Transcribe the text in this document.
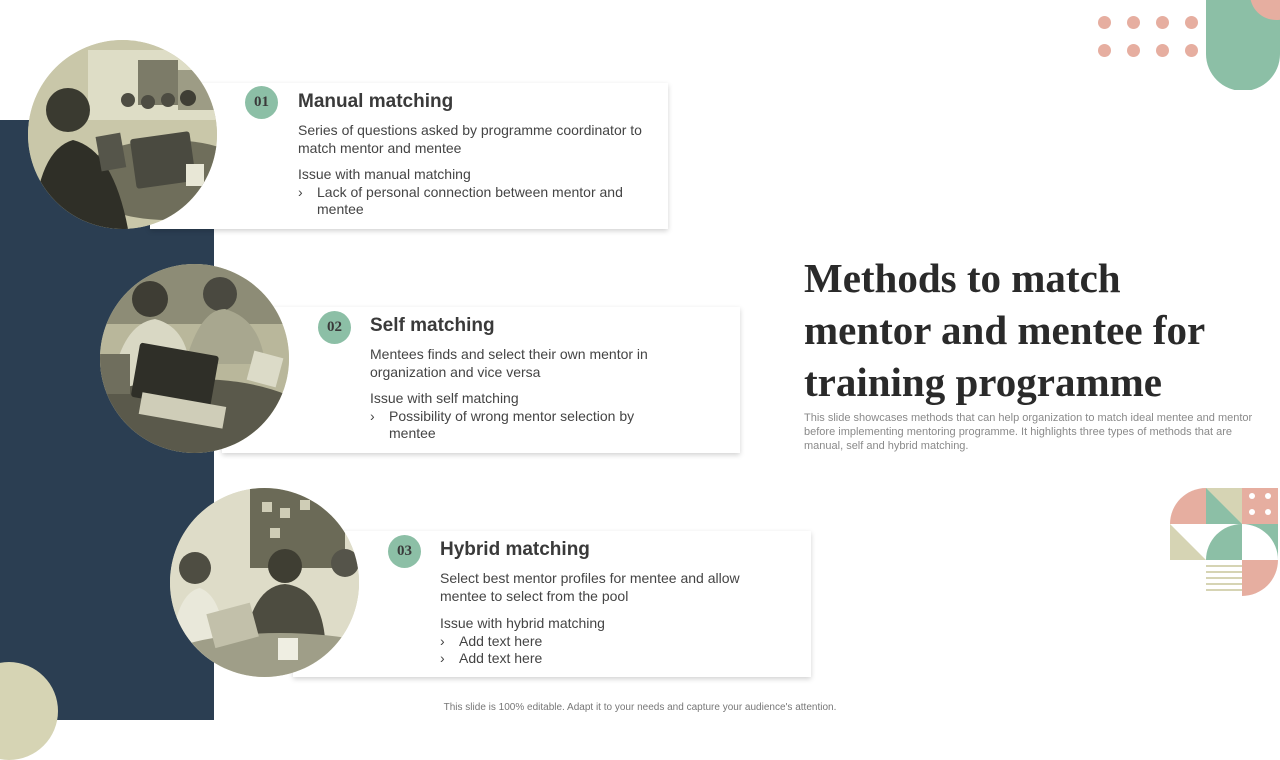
01	Manual matching
Series of questions asked by programme coordinator to match mentor and mentee
Issue with manual matching
› Lack of personal connection between mentor and mentee
02	Self matching
Mentees finds and select their own mentor in organization and vice versa
Issue with self matching
› Possibility of wrong mentor selection by mentee
03	Hybrid matching
Select best mentor profiles for mentee and allow mentee to select from the pool
Issue with hybrid matching
› Add text here
› Add text here
Methods to match mentor and mentee for training programme
This slide showcases methods that can help organization to match ideal mentee and mentor before implementing mentoring programme. It highlights three types of methods that are manual, self and hybrid matching.
This slide is 100% editable. Adapt it to your needs and capture your audience's attention.
